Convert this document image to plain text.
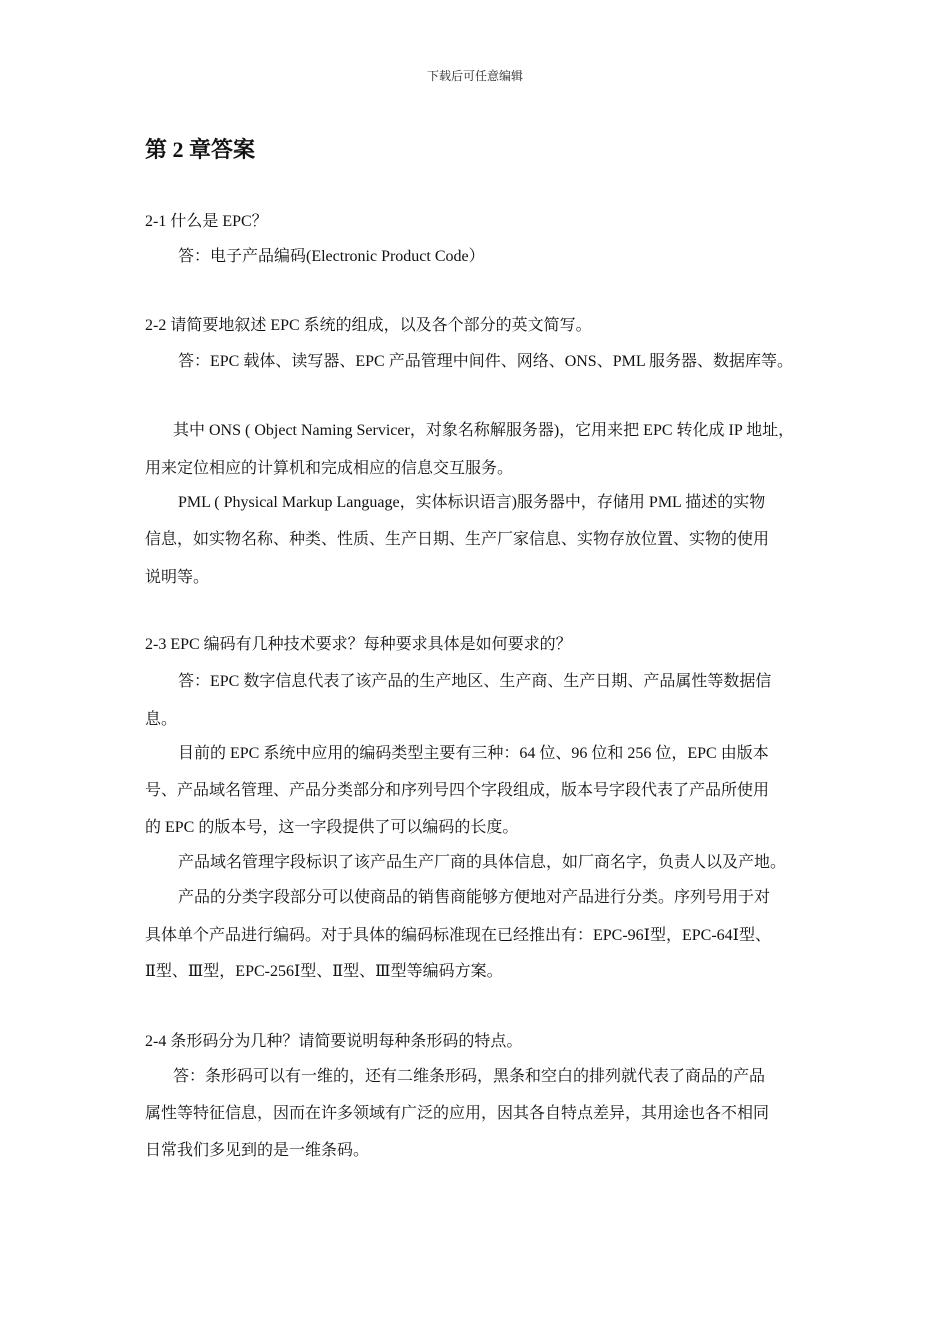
下载后可任意编辑
第 2 章答案
2-1 什么是 EPC？
答：电子产品编码(Electronic Product Code）
2-2 请简要地叙述 EPC 系统的组成，以及各个部分的英文简写。
答：EPC 载体、读写器、EPC 产品管理中间件、网络、ONS、PML 服务器、数据库等。
其中 ONS ( Object Naming Servicer，对象名称解服务器)，它用来把 EPC 转化成 IP 地址，
用来定位相应的计算机和完成相应的信息交互服务。
PML ( Physical Markup Language，实体标识语言)服务器中，存储用 PML 描述的实物
信息，如实物名称、种类、性质、生产日期、生产厂家信息、实物存放位置、实物的使用
说明等。
2-3 EPC 编码有几种技术要求？每种要求具体是如何要求的？
答：EPC 数字信息代表了该产品的生产地区、生产商、生产日期、产品属性等数据信
息。
目前的 EPC 系统中应用的编码类型主要有三种：64 位、96 位和 256 位，EPC 由版本
号、产品域名管理、产品分类部分和序列号四个字段组成，版本号字段代表了产品所使用
的 EPC 的版本号，这一字段提供了可以编码的长度。
产品域名管理字段标识了该产品生产厂商的具体信息，如厂商名字，负责人以及产地。
产品的分类字段部分可以使商品的销售商能够方便地对产品进行分类。序列号用于对
具体单个产品进行编码。对于具体的编码标准现在已经推出有：EPC-96Ⅰ型，EPC-64Ⅰ型、
Ⅱ型、Ⅲ型，EPC-256Ⅰ型、Ⅱ型、Ⅲ型等编码方案。
2-4 条形码分为几种？请简要说明每种条形码的特点。
答：条形码可以有一维的，还有二维条形码，黑条和空白的排列就代表了商品的产品
属性等特征信息，因而在许多领域有广泛的应用，因其各自特点差异，其用途也各不相同
日常我们多见到的是一维条码。
